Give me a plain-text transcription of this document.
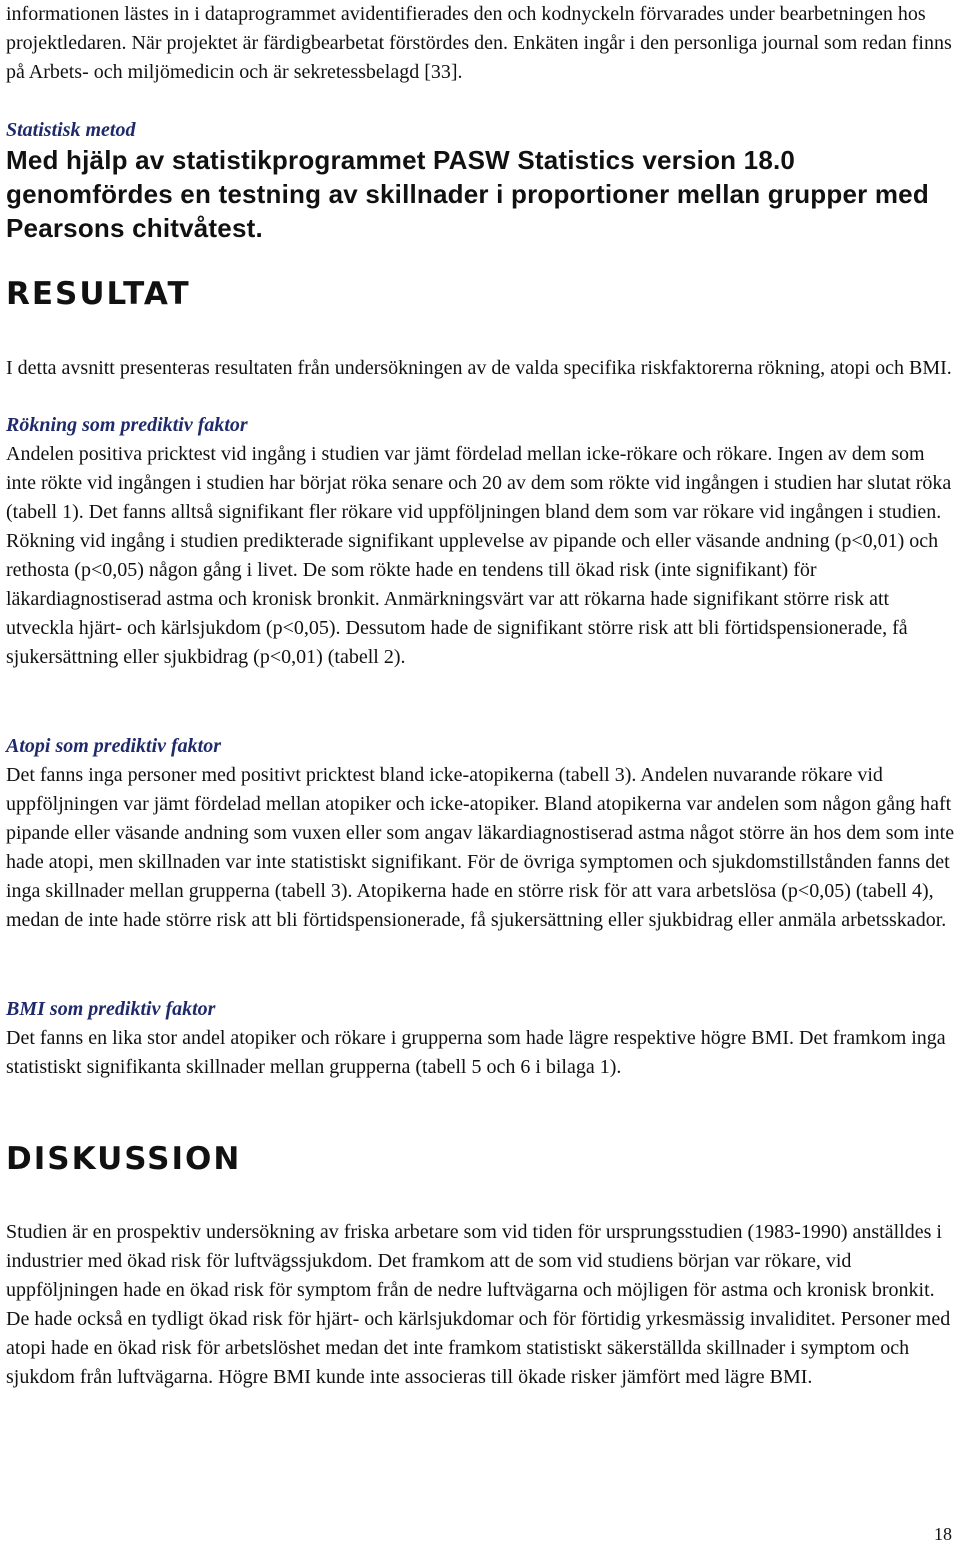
informationen lästes in i dataprogrammet avidentifierades den och kodnyckeln förvarades under bearbetningen hos projektledaren. När projektet är färdigbearbetat förstördes den. Enkäten ingår i den personliga journal som redan finns på Arbets- och miljömedicin och är sekretessbelagd [33].

Statistisk metod

Med hjälp av statistikprogrammet PASW Statistics version 18.0 genomfördes en testning av skillnader i proportioner mellan grupper med Pearsons chitvåtest.

RESULTAT

I detta avsnitt presenteras resultaten från undersökningen av de valda specifika riskfaktorerna rökning, atopi och BMI.

Rökning som prediktiv faktor

Andelen positiva pricktest vid ingång i studien var jämt fördelad mellan icke-rökare och rökare. Ingen av dem som inte rökte vid ingången i studien har börjat röka senare och 20 av dem som rökte vid ingången i studien har slutat röka (tabell 1). Det fanns alltså signifikant fler rökare vid uppföljningen bland dem som var rökare vid ingången i studien. Rökning vid ingång i studien predikterade signifikant upplevelse av pipande och eller väsande andning (p<0,01) och rethosta (p<0,05) någon gång i livet. De som rökte hade en tendens till ökad risk (inte signifikant) för läkardiagnostiserad astma och kronisk bronkit. Anmärkningsvärt var att rökarna hade signifikant större risk att utveckla hjärt- och kärlsjukdom (p<0,05). Dessutom hade de signifikant större risk att bli förtidspensionerade, få sjukersättning eller sjukbidrag (p<0,01) (tabell 2).

Atopi som prediktiv faktor

Det fanns inga personer med positivt pricktest bland icke-atopikerna (tabell 3). Andelen nuvarande rökare vid uppföljningen var jämt fördelad mellan atopiker och icke-atopiker. Bland atopikerna var andelen som någon gång haft pipande eller väsande andning som vuxen eller som angav läkardiagnostiserad astma något större än hos dem som inte hade atopi, men skillnaden var inte statistiskt signifikant. För de övriga symptomen och sjukdomstillstånden fanns det inga skillnader mellan grupperna (tabell 3). Atopikerna hade en större risk för att vara arbetslösa (p<0,05) (tabell 4), medan de inte hade större risk att bli förtidspensionerade, få sjukersättning eller sjukbidrag eller anmäla arbetsskador.

BMI som prediktiv faktor

Det fanns en lika stor andel atopiker och rökare i grupperna som hade lägre respektive högre BMI. Det framkom inga statistiskt signifikanta skillnader mellan grupperna (tabell 5 och 6 i bilaga 1).

DISKUSSION

Studien är en prospektiv undersökning av friska arbetare som vid tiden för ursprungsstudien (1983-1990) anställdes i industrier med ökad risk för luftvägssjukdom. Det framkom att de som vid studiens början var rökare, vid uppföljningen hade en ökad risk för symptom från de nedre luftvägarna och möjligen för astma och kronisk bronkit. De hade också en tydligt ökad risk för hjärt- och kärlsjukdomar och för förtidig yrkesmässig invaliditet. Personer med atopi hade en ökad risk för arbetslöshet medan det inte framkom statistiskt säkerställda skillnader i symptom och sjukdom från luftvägarna. Högre BMI kunde inte associeras till ökade risker jämfört med lägre BMI.

18
